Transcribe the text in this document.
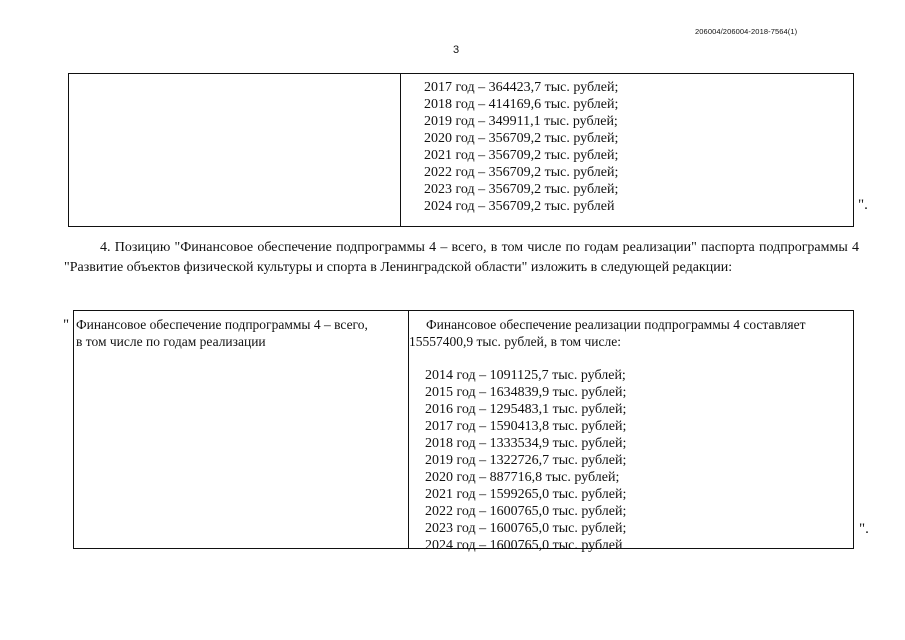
206004/206004-2018-7564(1)
3
2017 год – 364423,7 тыс. рублей;
2018 год – 414169,6 тыс. рублей;
2019 год – 349911,1 тыс. рублей;
2020 год – 356709,2 тыс. рублей;
2021 год – 356709,2 тыс. рублей;
2022 год – 356709,2 тыс. рублей;
2023 год – 356709,2 тыс. рублей;
2024 год – 356709,2 тыс. рублей	".
4. Позицию "Финансовое обеспечение подпрограммы 4 – всего, в том числе по годам реализации" паспорта подпрограммы 4 "Развитие объектов физической культуры и спорта в Ленинградской области" изложить в следующей редакции:
" Финансовое обеспечение подпрограммы 4 – всего, в том числе по годам реализации
Финансовое обеспечение реализации подпрограммы 4 составляет 15557400,9 тыс. рублей, в том числе:
2014 год – 1091125,7 тыс. рублей;
2015 год – 1634839,9 тыс. рублей;
2016 год – 1295483,1 тыс. рублей;
2017 год – 1590413,8 тыс. рублей;
2018 год – 1333534,9 тыс. рублей;
2019 год – 1322726,7 тыс. рублей;
2020 год – 887716,8 тыс. рублей;
2021 год – 1599265,0 тыс. рублей;
2022 год – 1600765,0 тыс. рублей;
2023 год – 1600765,0 тыс. рублей;
2024 год – 1600765,0 тыс. рублей
".
